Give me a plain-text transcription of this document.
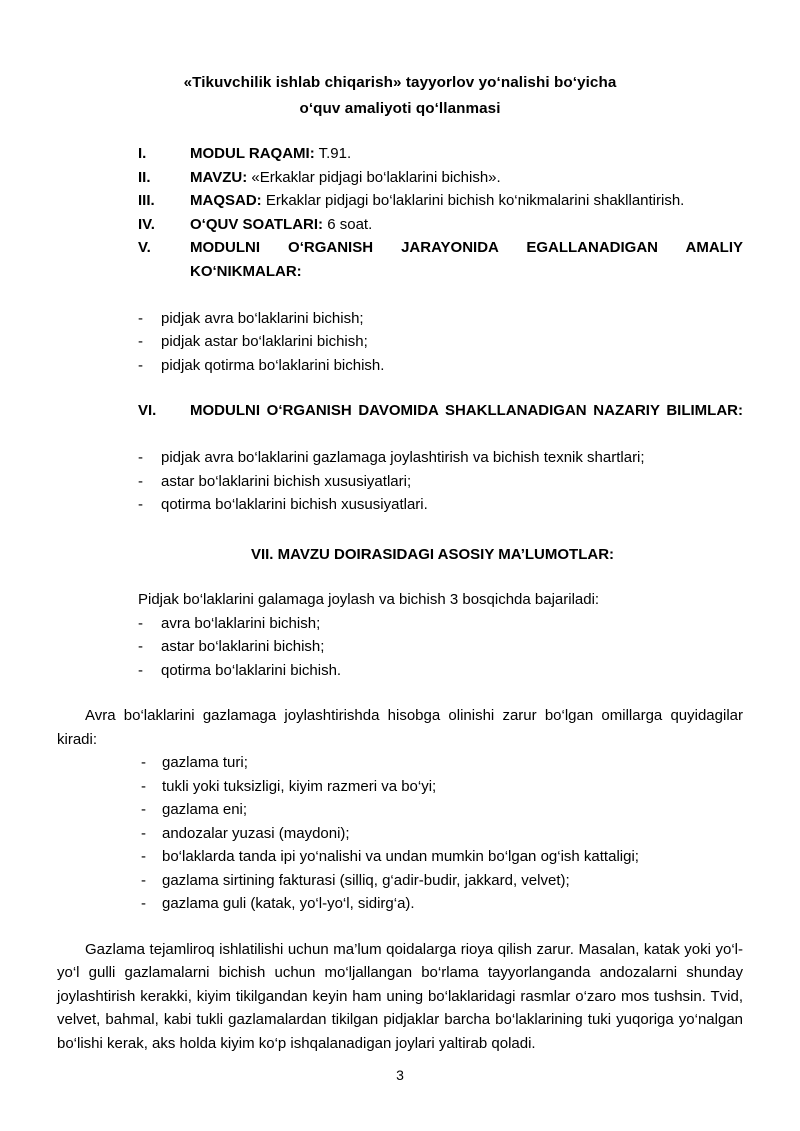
«Tikuvchilik ishlab chiqarish» tayyorlov yo‘nalishi bo‘yicha
o‘quv amaliyoti qo‘llanmasi
I.	MODUL RAQAMI: T.91.
II.	MAVZU: «Erkaklar pidjagi bo‘laklarini bichish».
III.	MAQSAD: Erkaklar pidjagi bo‘laklarini bichish ko‘nikmalarini shakllantirish.
IV.	O‘QUV SOATLARI: 6 soat.
V.	MODULNI O‘RGANISH JARAYONIDA EGALLANADIGAN AMALIY KO‘NIKMALAR:
-	pidjak avra bo‘laklarini bichish;
-	pidjak astar bo‘laklarini bichish;
-	pidjak qotirma bo‘laklarini bichish.
VI.	MODULNI O‘RGANISH DAVOMIDA SHAKLLANADIGAN NAZARIY BILIMLAR:
-	pidjak avra bo‘laklarini gazlamaga joylashtirish va bichish texnik shartlari;
-	astar bo‘laklarini bichish xususiyatlari;
-	qotirma bo‘laklarini bichish xususiyatlari.
VII. MAVZU DOIRASIDAGI ASOSIY MA’LUMOTLAR:
Pidjak bo‘laklarini galamaga joylash va bichish 3 bosqichda bajariladi:
-	avra bo‘laklarini bichish;
-	astar bo‘laklarini bichish;
-	qotirma bo‘laklarini bichish.

Avra bo‘laklarini gazlamaga joylashtirishda hisobga olinishi zarur bo‘lgan omillarga quyidagilar kiradi:

-	gazlama turi;
-	tukli yoki tuksizligi, kiyim razmeri va bo‘yi;
-	gazlama eni;
-	andozalar yuzasi (maydoni);
-	bo‘laklarda tanda ipi yo‘nalishi va undan mumkin bo‘lgan og‘ish kattaligi;
-	gazlama sirtining fakturasi (silliq, g‘adir-budir, jakkard, velvet);
-	gazlama guli (katak, yo‘l-yo‘l, sidirg‘a).

Gazlama tejamliroq ishlatilishi uchun ma’lum qoidalarga rioya qilish zarur. Masalan, katak yoki yo‘l-yo‘l gulli gazlamalarni bichish uchun mo‘ljallangan bo‘rlama tayyorlanganda andozalarni shunday joylashtirish kerakki, kiyim tikilgandan keyin ham uning bo‘laklaridagi rasmlar o‘zaro mos tushsin. Tvid, velvet, bahmal, kabi tukli gazlamalardan tikilgan pidjaklar barcha bo‘laklarining tuki yuqoriga yo‘nalgan bo‘lishi kerak, aks holda kiyim ko‘p ishqalanadigan joylari yaltirab qoladi.

3
